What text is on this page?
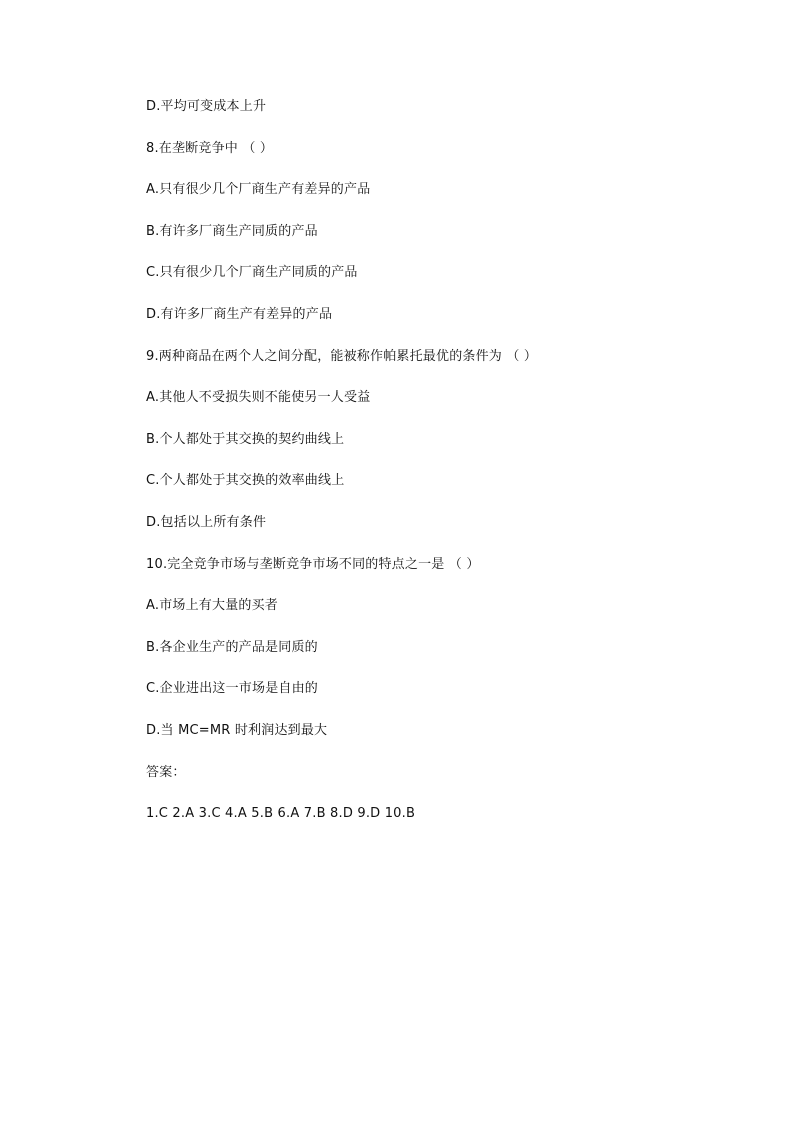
D.平均可变成本上升
8.在垄断竞争中 （ ）
A.只有很少几个厂商生产有差异的产品
B.有许多厂商生产同质的产品
C.只有很少几个厂商生产同质的产品
D.有许多厂商生产有差异的产品
9.两种商品在两个人之间分配，能被称作帕累托最优的条件为 （ ）
A.其他人不受损失则不能使另一人受益
B.个人都处于其交换的契约曲线上
C.个人都处于其交换的效率曲线上
D.包括以上所有条件
10.完全竞争市场与垄断竞争市场不同的特点之一是 （ ）
A.市场上有大量的买者
B.各企业生产的产品是同质的
C.企业进出这一市场是自由的
D.当 MC=MR 时利润达到最大
答案：
1.C 2.A 3.C 4.A 5.B 6.A 7.B 8.D 9.D 10.B
